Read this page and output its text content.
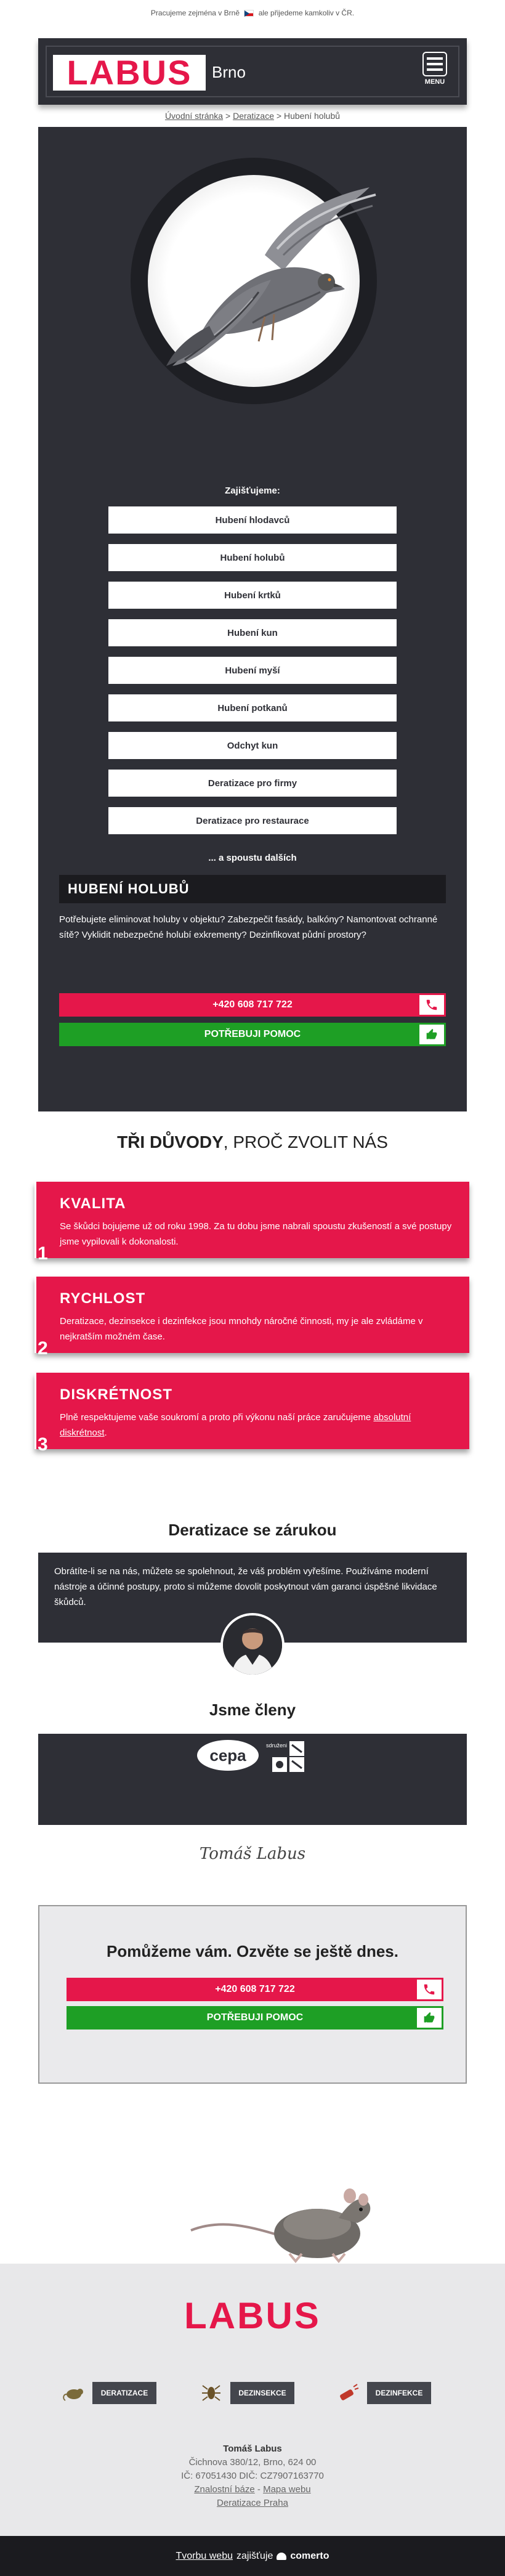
Pracujeme zejména v Brně	ale přijedeme kamkoliv v ČR.
LABUS Brno
MENU
Úvodní stránka > Deratizace > Hubení holubů
Zajišťujeme:
Hubení hlodavců
Hubení holubů
Hubení krtků
Hubení kun
Hubení myší
Hubení potkanů
Odchyt kun
Deratizace pro firmy
Deratizace pro restaurace
... a spoustu dalších
HUBENÍ HOLUBŮ

Potřebujete eliminovat holuby v objektu? Zabezpečit fasády, balkóny? Namontovat ochranné sítě? Vyklidit nebezpečné holubí exkrementy? Dezinfikovat půdní prostory?

+420 608 717 722
POTŘEBUJI POMOC
TŘI DŮVODY, PROČ ZVOLIT NÁS
KVALITA

Se škůdci bojujeme už od roku 1998. Za tu dobu jsme nabrali spoustu zkušeností a své postupy jsme vypilovali k dokonalosti.

1
RYCHLOST

Deratizace, dezinsekce i dezinfekce jsou mnohdy náročné činnosti, my je ale zvládáme v nejkratším možném čase.

2
DISKRÉTNOST

Plně respektujeme vaše soukromí a proto při výkonu naší práce zaručujeme absolutní diskrétnost.

3
Deratizace se zárukou

Obrátíte-li se na nás, můžete se spolehnout, že váš problém vyřešíme. Používáme moderní nástroje a účinné postupy, proto si můžeme dovolit poskytnout vám garanci úspěšné likvidace škůdců.

Jsme členy
cepa
sdruženi
Tomáš Labus
Pomůžeme vám. Ozvěte se ještě dnes.
+420 608 717 722
POTŘEBUJI POMOC
LABUS
DERATIZACE	DEZINSEKCE	DEZINFEKCE
Tomáš Labus
Čichnova 380/12, Brno, 624 00
IČ: 67051430 DIČ: CZ7907163770
Znalostní báze - Mapa webu
Deratizace Praha
Tvorbu webu zajišťuje comerto
